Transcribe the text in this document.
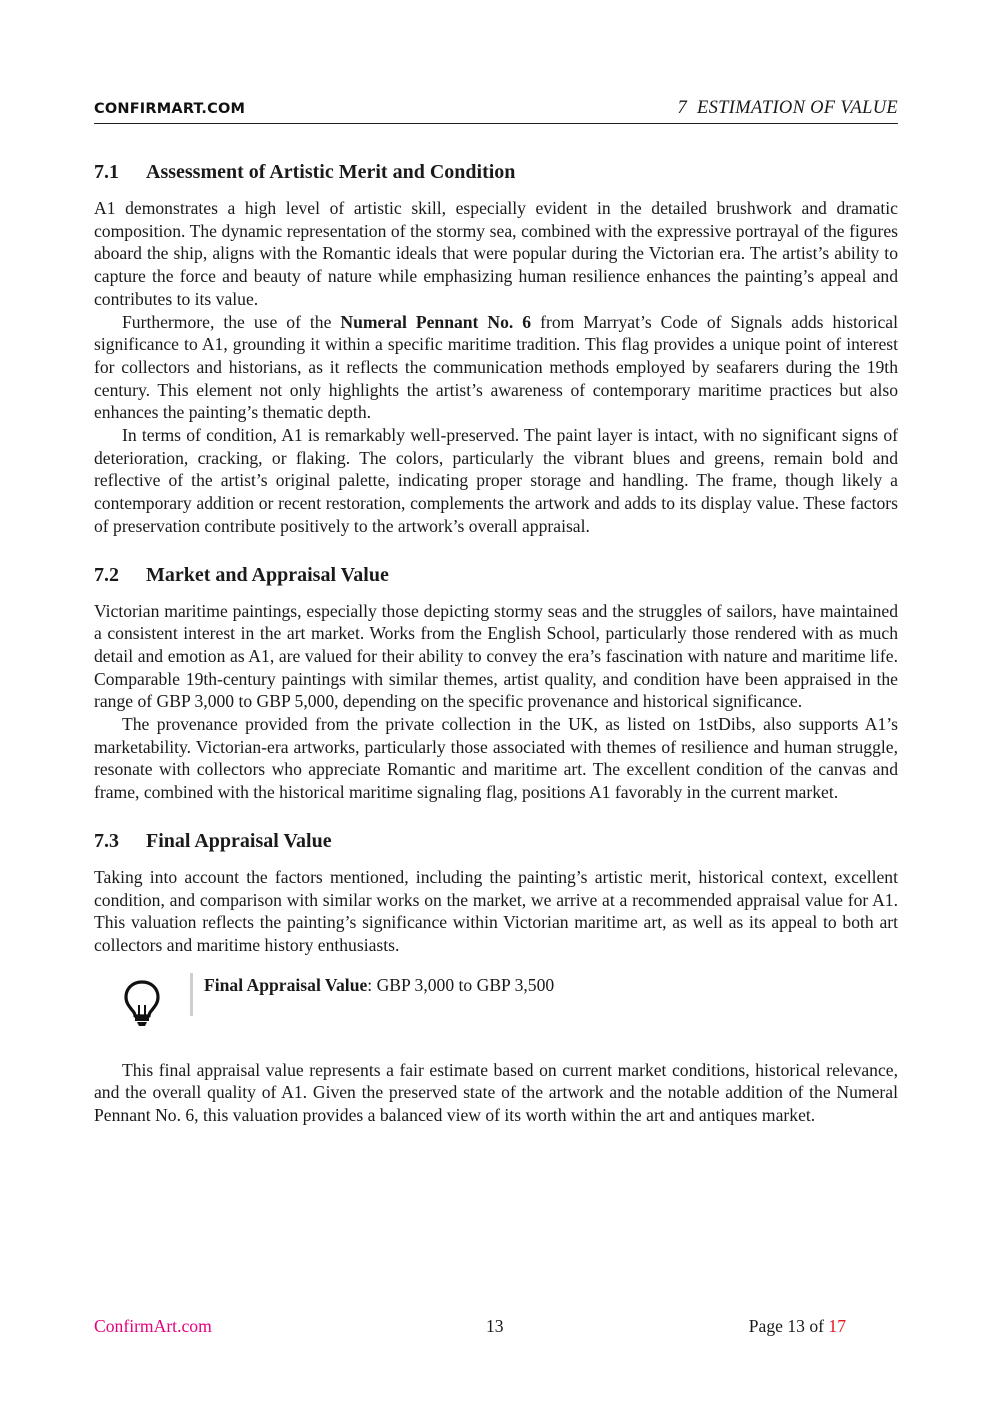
CONFIRMART.COM	7 ESTIMATION OF VALUE
7.1 Assessment of Artistic Merit and Condition

A1 demonstrates a high level of artistic skill, especially evident in the detailed brushwork and dramatic composition. The dynamic representation of the stormy sea, combined with the expressive portrayal of the figures aboard the ship, aligns with the Romantic ideals that were popular during the Victorian era. The artist’s ability to capture the force and beauty of nature while emphasizing human resilience enhances the painting’s appeal and contributes to its value.

Furthermore, the use of the Numeral Pennant No. 6 from Marryat’s Code of Signals adds historical significance to A1, grounding it within a specific maritime tradition. This flag provides a unique point of interest for collectors and historians, as it reflects the communication methods employed by seafarers during the 19th century. This element not only highlights the artist’s awareness of contemporary maritime practices but also enhances the painting’s thematic depth.

In terms of condition, A1 is remarkably well-preserved. The paint layer is intact, with no significant signs of deterioration, cracking, or flaking. The colors, particularly the vibrant blues and greens, remain bold and reflective of the artist’s original palette, indicating proper storage and handling. The frame, though likely a contemporary addition or recent restoration, complements the artwork and adds to its display value. These factors of preservation contribute positively to the artwork’s overall appraisal.

7.2 Market and Appraisal Value

Victorian maritime paintings, especially those depicting stormy seas and the struggles of sailors, have maintained a consistent interest in the art market. Works from the English School, particularly those rendered with as much detail and emotion as A1, are valued for their ability to convey the era’s fascination with nature and maritime life. Comparable 19th-century paintings with similar themes, artist quality, and condition have been appraised in the range of GBP 3,000 to GBP 5,000, depending on the specific provenance and historical significance.

The provenance provided from the private collection in the UK, as listed on 1stDibs, also supports A1’s marketability. Victorian-era artworks, particularly those associated with themes of resilience and human struggle, resonate with collectors who appreciate Romantic and maritime art. The excellent condition of the canvas and frame, combined with the historical maritime signaling flag, positions A1 favorably in the current market.

7.3 Final Appraisal Value

Taking into account the factors mentioned, including the painting’s artistic merit, historical context, excellent condition, and comparison with similar works on the market, we arrive at a recommended appraisal value for A1. This valuation reflects the painting’s significance within Victorian maritime art, as well as its appeal to both art collectors and maritime history enthusiasts.

Final Appraisal Value: GBP 3,000 to GBP 3,500

This final appraisal value represents a fair estimate based on current market conditions, historical relevance, and the overall quality of A1. Given the preserved state of the artwork and the notable addition of the Numeral Pennant No. 6, this valuation provides a balanced view of its worth within the art and antiques market.

ConfirmArt.com	13	Page 13 of 17
